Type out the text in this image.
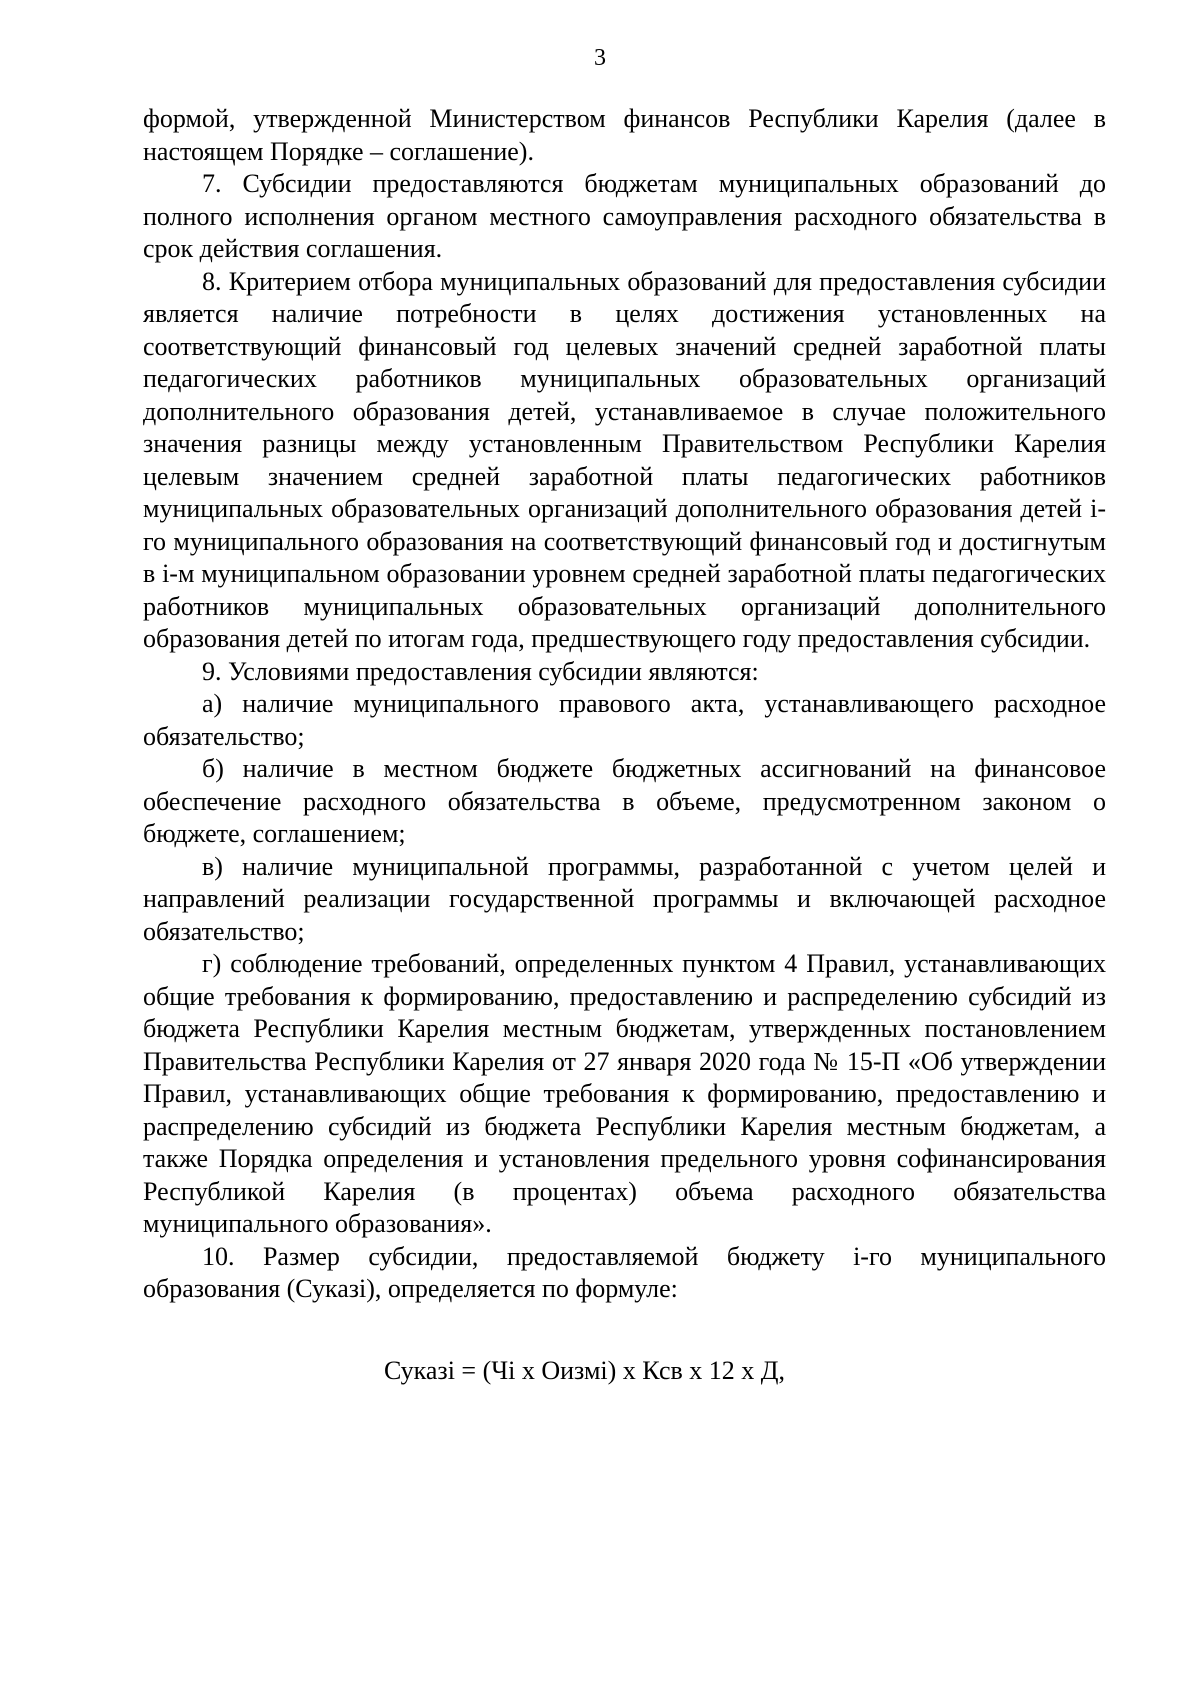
3

формой, утвержденной Министерством финансов Республики Карелия (далее в настоящем Порядке – соглашение).

7. Субсидии предоставляются бюджетам муниципальных образований до полного исполнения органом местного самоуправления расходного обязательства в срок действия соглашения.

8. Критерием отбора муниципальных образований для предоставления субсидии является наличие потребности в целях достижения установленных на соответствующий финансовый год целевых значений средней заработной платы педагогических работников муниципальных образовательных организаций дополнительного образования детей, устанавливаемое в случае положительного значения разницы между установленным Правительством Республики Карелия целевым значением средней заработной платы педагогических работников муниципальных образовательных организаций дополнительного образования детей i-го муниципального образования на соответствующий финансовый год и достигнутым в i-м муниципальном образовании уровнем средней заработной платы педагогических работников муниципальных образовательных организаций дополнительного образования детей по итогам года, предшествующего году предоставления субсидии.

9. Условиями предоставления субсидии являются:

а) наличие муниципального правового акта, устанавливающего расходное обязательство;

б) наличие в местном бюджете бюджетных ассигнований на финансовое обеспечение расходного обязательства в объеме, предусмотренном законом о бюджете, соглашением;

в) наличие муниципальной программы, разработанной с учетом целей и направлений реализации государственной программы и включающей расходное обязательство;

г) соблюдение требований, определенных пунктом 4 Правил, устанавливающих общие требования к формированию, предоставлению и распределению субсидий из бюджета Республики Карелия местным бюджетам, утвержденных постановлением Правительства Республики Карелия от 27 января 2020 года № 15-П «Об утверждении Правил, устанавливающих общие требования к формированию, предоставлению и распределению субсидий из бюджета Республики Карелия местным бюджетам, а также Порядка определения и установления предельного уровня софинансирования Республикой Карелия (в процентах) объема расходного обязательства муниципального образования».

10. Размер субсидии, предоставляемой бюджету i-го муниципального образования (Суказі), определяется по формуле:

Суказі = (Чі х Оизмі) х Ксв х 12 х Д,
